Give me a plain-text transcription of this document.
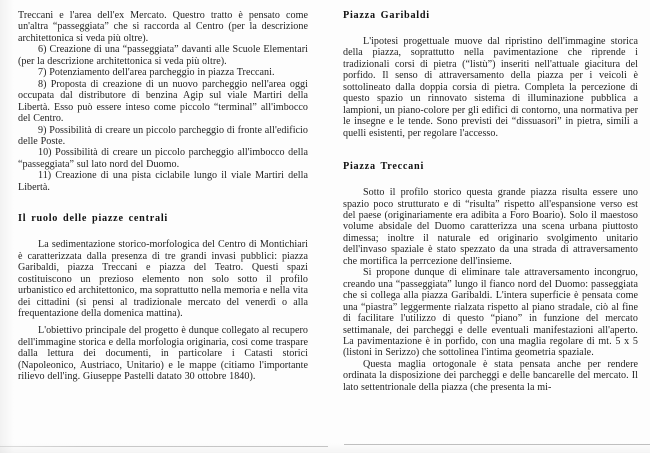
Treccani e l'area dell'ex Mercato. Questro tratto è pensato come un'altra “passeggiata” che si raccorda al Centro (per la descrizione architettonica si veda più oltre).

6) Creazione di una “passeggiata” davanti alle Scuole Elementari (per la descrizione architettonica si veda più oltre).

7) Potenziamento dell'area parcheggio in piazza Treccani.

8) Proposta di creazione di un nuovo parcheggio nell'area oggi occupata dal distributore di benzina Agip sul viale Martiri della Libertà. Esso può essere inteso come piccolo “terminal” all'imbocco del Centro.

9) Possibilità di creare un piccolo parcheggio di fronte all'edificio delle Poste.

10) Possibilità di creare un piccolo parcheggio all'imbocco della “passeggiata” sul lato nord del Duomo.

11) Creazione di una pista ciclabile lungo il viale Martiri della Libertà.

Il ruolo delle piazze centrali

La sedimentazione storico-morfologica del Centro di Montichiari è caratterizzata dalla presenza di tre grandi invasi pubblici: piazza Garibaldi, piazza Treccani e piazza del Teatro. Questi spazi costituiscono un prezioso elemento non solo sotto il profilo urbanistico ed architettonico, ma soprattutto nella memoria e nella vita dei cittadini (si pensi al tradizionale mercato del venerdì o alla frequentazione della domenica mattina).

L'obiettivo principale del progetto è dunque collegato al recupero dell'immagine storica e della morfologia originaria, così come traspare dalla lettura dei documenti, in particolare i Catasti storici (Napoleonico, Austriaco, Unitario) e le mappe (citiamo l'importante rilievo dell'ing. Giuseppe Pastelli datato 30 ottobre 1840).

Piazza Garibaldi

L'ipotesi progettuale muove dal ripristino dell'immagine storica della piazza, soprattutto nella pavimentazione che riprende i tradizionali corsi di pietra (“listù”) inseriti nell'attuale giacitura del porfido. Il senso di attraversamento della piazza per i veicoli è sottolineato dalla doppia corsia di pietra. Completa la percezione di questo spazio un rinnovato sistema di illuminazione pubblica a lampioni, un piano-colore per gli edifici di contorno, una normativa per le insegne e le tende. Sono previsti dei “dissuasori” in pietra, simili a quelli esistenti, per regolare l'accesso.

Piazza Treccani

Sotto il profilo storico questa grande piazza risulta essere uno spazio poco strutturato e di “risulta” rispetto all'espansione verso est del paese (originariamente era adibita a Foro Boario). Solo il maestoso volume absidale del Duomo caratterizza una scena urbana piuttosto dimessa; inoltre il naturale ed originario svolgimento unitario dell'invaso spaziale è stato spezzato da una strada di attraversamento che mortifica la perrcezione dell'insieme.

Si propone dunque di eliminare tale attraversamento incongruo, creando una “passeggiata” lungo il fianco nord del Duomo: passeggiata che si collega alla piazza Garibaldi. L'intera superficie è pensata come una “piastra” leggermente rialzata rispetto al piano stradale, ciò al fine di facilitare l'utilizzo di questo “piano” in funzione del mercato settimanale, dei parcheggi e delle eventuali manifestazioni all'aperto. La pavimentazione è in porfido, con una maglia regolare di mt. 5 x 5 (listoni in Serizzo) che sottolinea l'intima geometria spaziale.

Questa maglia ortogonale è stata pensata anche per rendere ordinata la disposizione dei parcheggi e delle bancarelle del mercato. Il lato settentrionale della piazza (che presenta la mi-
